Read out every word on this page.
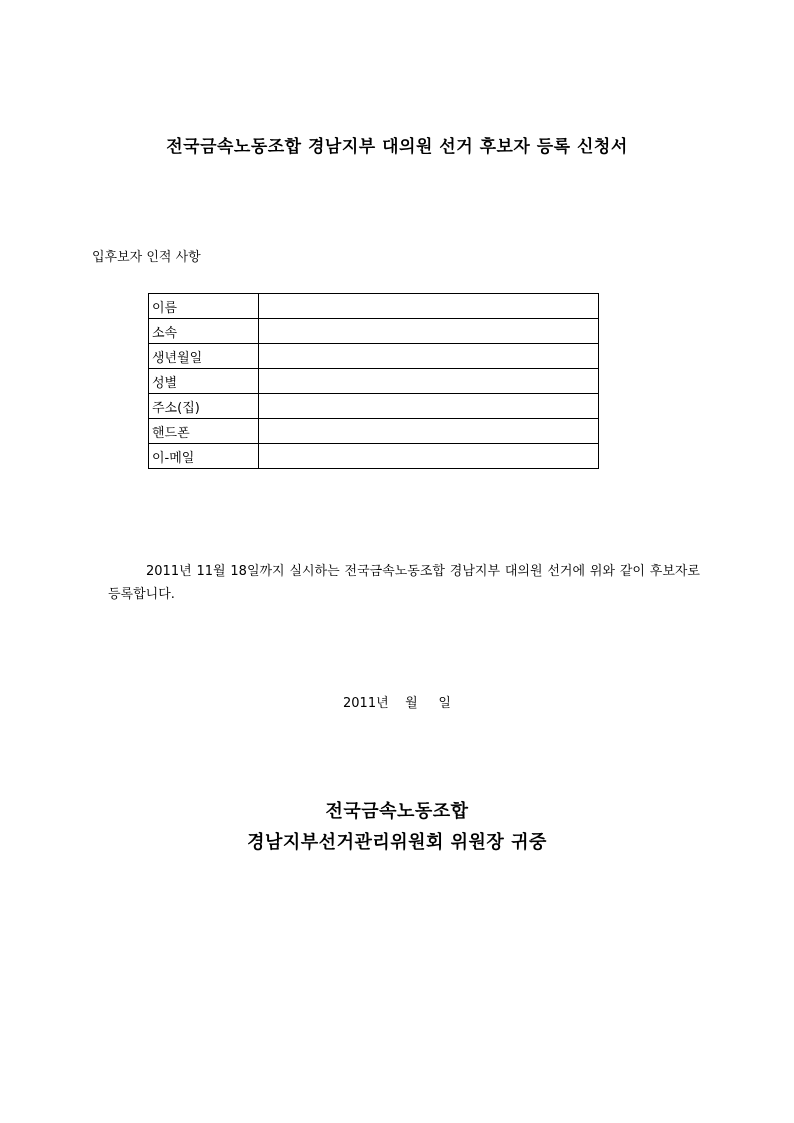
전국금속노동조합 경남지부 대의원 선거 후보자 등록 신청서
입후보자 인적 사항
이름	
소속	
생년월일	
성별	
주소(집)	
핸드폰	
이-메일	
2011년 11월 18일까지 실시하는 전국금속노동조합 경남지부 대의원 선거에 위와 같이 후보자로 등록합니다.
2011년    월     일
전국금속노동조합
경남지부선거관리위원회 위원장 귀중
